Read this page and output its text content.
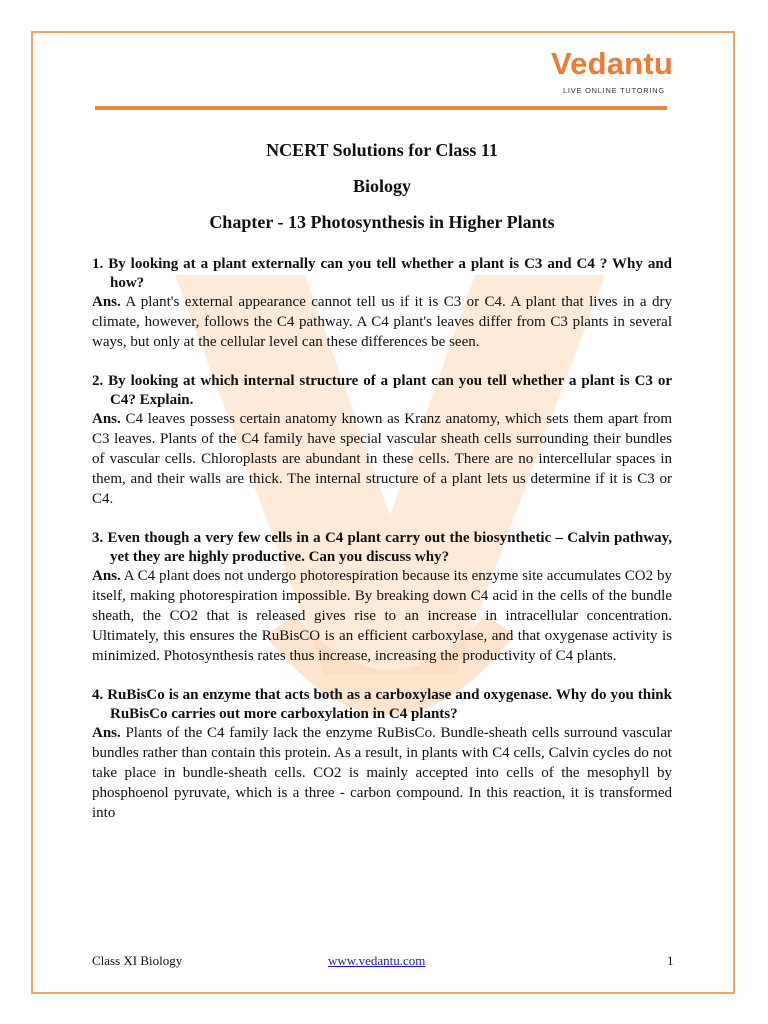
Vedantu
LIVE ONLINE TUTORING
NCERT Solutions for Class 11
Biology
Chapter - 13 Photosynthesis in Higher Plants

1. By looking at a plant externally can you tell whether a plant is C3 and C4 ? Why and how?

Ans. A plant's external appearance cannot tell us if it is C3 or C4. A plant that lives in a dry climate, however, follows the C4 pathway. A C4 plant's leaves differ from C3 plants in several ways, but only at the cellular level can these differences be seen.

2. By looking at which internal structure of a plant can you tell whether a plant is C3 or C4? Explain.

Ans. C4 leaves possess certain anatomy known as Kranz anatomy, which sets them apart from C3 leaves. Plants of the C4 family have special vascular sheath cells surrounding their bundles of vascular cells. Chloroplasts are abundant in these cells. There are no intercellular spaces in them, and their walls are thick. The internal structure of a plant lets us determine if it is C3 or C4.

3. Even though a very few cells in a C4 plant carry out the biosynthetic – Calvin pathway, yet they are highly productive. Can you discuss why?

Ans. A C4 plant does not undergo photorespiration because its enzyme site accumulates CO2 by itself, making photorespiration impossible. By breaking down C4 acid in the cells of the bundle sheath, the CO2 that is released gives rise to an increase in intracellular concentration. Ultimately, this ensures the RuBisCO is an efficient carboxylase, and that oxygenase activity is minimized. Photosynthesis rates thus increase, increasing the productivity of C4 plants.

4. RuBisCo is an enzyme that acts both as a carboxylase and oxygenase. Why do you think RuBisCo carries out more carboxylation in C4 plants?

Ans. Plants of the C4 family lack the enzyme RuBisCo. Bundle-sheath cells surround vascular bundles rather than contain this protein. As a result, in plants with C4 cells, Calvin cycles do not take place in bundle-sheath cells. CO2 is mainly accepted into cells of the mesophyll by phosphoenol pyruvate, which is a three - carbon compound. In this reaction, it is transformed into

Class XI Biology	www.vedantu.com	1
